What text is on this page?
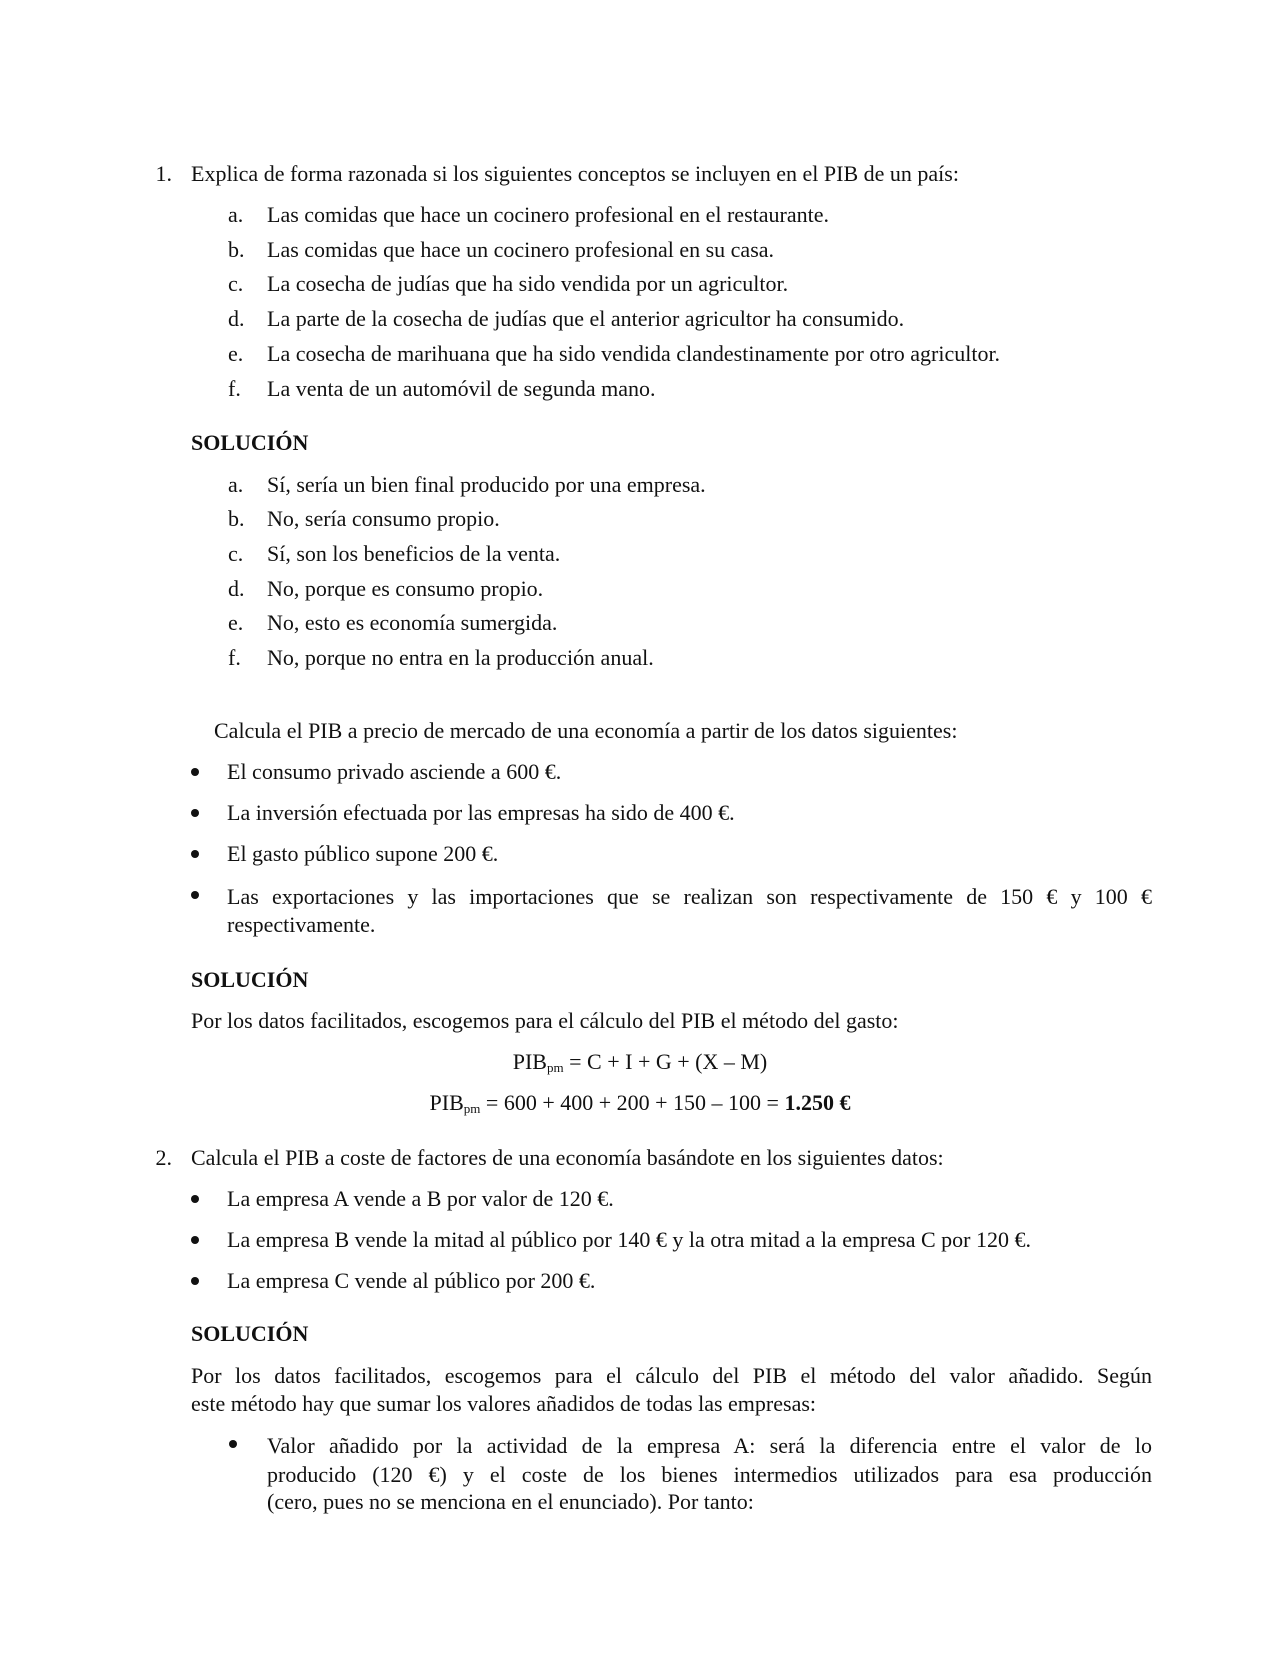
1. Explica de forma razonada si los siguientes conceptos se incluyen en el PIB de un país:
a. Las comidas que hace un cocinero profesional en el restaurante.
b. Las comidas que hace un cocinero profesional en su casa.
c. La cosecha de judías que ha sido vendida por un agricultor.
d. La parte de la cosecha de judías que el anterior agricultor ha consumido.
e. La cosecha de marihuana que ha sido vendida clandestinamente por otro agricultor.
f. La venta de un automóvil de segunda mano.
SOLUCIÓN
a. Sí, sería un bien final producido por una empresa.
b. No, sería consumo propio.
c. Sí, son los beneficios de la venta.
d. No, porque es consumo propio.
e. No, esto es economía sumergida.
f. No, porque no entra en la producción anual.
Calcula el PIB a precio de mercado de una economía a partir de los datos siguientes:
El consumo privado asciende a 600 €.
La inversión efectuada por las empresas ha sido de 400 €.
El gasto público supone 200 €.
Las exportaciones y las importaciones que se realizan son respectivamente de 150 € y 100 €
respectivamente.
SOLUCIÓN
Por los datos facilitados, escogemos para el cálculo del PIB el método del gasto:
$PIB_{pm} = C + I + G + (X - M)$
$PIB_{pm} = 600 + 400 + 200 + 150 - 100 = 1.250$ €
2. Calcula el PIB a coste de factores de una economía basándote en los siguientes datos:
La empresa A vende a B por valor de 120 €.
La empresa B vende la mitad al público por 140 € y la otra mitad a la empresa C por 120 €.
La empresa C vende al público por 200 €.
SOLUCIÓN
Por los datos facilitados, escogemos para el cálculo del PIB el método del valor añadido. Según
este método hay que sumar los valores añadidos de todas las empresas:
Valor añadido por la actividad de la empresa A: será la diferencia entre el valor de lo
producido (120 €) y el coste de los bienes intermedios utilizados para esa producción
(cero, pues no se menciona en el enunciado). Por tanto:
